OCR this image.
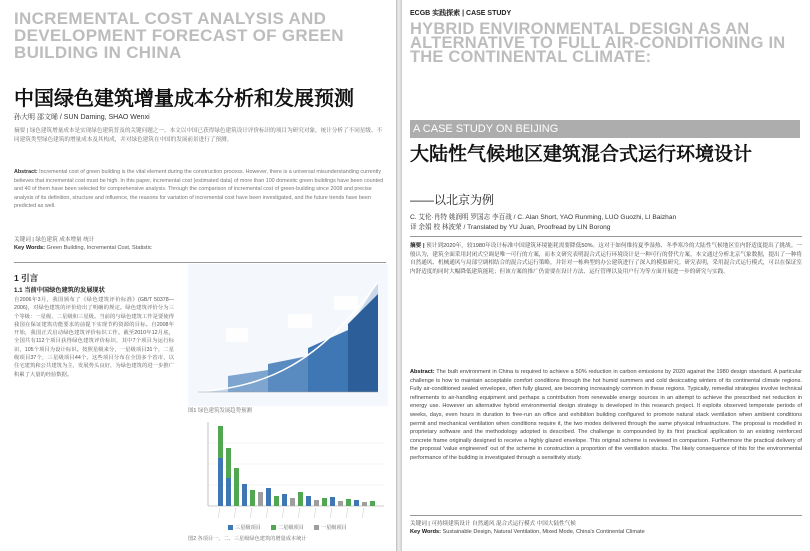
INCREMENTAL COST ANALYSIS AND DEVELOPMENT FORECAST OF GREEN BUILDING IN CHINA
中国绿色建筑增量成本分析和发展预测
孙大明 邵文晞 / SUN Daming, SHAO Wenxi
摘要 | 绿色建筑增量成本是实现绿色建筑普及的关键问题之一。本文以中国已获得绿色建筑设计评价标识的项目为研究对象，统计分析了不同星级、不同建筑类型绿色建筑的增量成本及其构成，并对绿色建筑在中国的发展前景进行了预测。
Abstract: Incremental cost of green building is the vital element during the construction process. However, there is a universal misunderstanding currently believes that incremental cost must be high. In this paper, incremental cost (estimated data) of more than 100 domestic green buildings have been counted and 40 of them have been selected for comprehensive analysis. Through the comparison of incremental cost of green-building since 2008 and precise analysis of its definition, structure and influence, the reasons for variation of incremental cost have been investigated, and the future trends have been predicted as well.
关键词 | 绿色建筑 成本增量 统计
Key Words: Green Building, Incremental Cost, Statistic
1 引言
1.1 当前中国绿色建筑的发展现状
自2006年3月，我国颁布了《绿色建筑评价标准》(GB/T 50378—2006)，对绿色建筑的评价给出了明确的规定。绿色建筑评价分为三个等级：一星级、二星级和三星级。当前的与绿色建筑工作是要使得我国在保证建筑功能要求的前提下实现节约资源的目标。自2008年开始，我国正式启动绿色建筑评价标识工作。截至2010年12月底，全国共有112个项目获得绿色建筑评价标识，其中7个项目为运行标识，105个项目为设计标识。按照星级来分，一星级项目31个，二星级项目37个，三星级项目44个。这些项目分布在全国多个省市，以住宅建筑和公共建筑为主，发展势头良好，为绿色建筑的进一步推广积累了大量的经验数据。
图1 绿色建筑发展趋势预测
三星级项目	二星级项目	一星级项目
图2 各项目一、二、三星级绿色建筑的增量成本统计
ECGB 实践探索 | CASE STUDY
HYBRID ENVIRONMENTAL DESIGN AS AN ALTERNATIVE TO FULL AIR-CONDITIONING IN THE CONTINENTAL CLIMATE:
A CASE STUDY ON BEIJING
大陆性气候地区建筑混合式运行环境设计
——以北京为例
C. 艾伦·肖特 姚润明 罗国志 李百战 / C. Alan Short, YAO Runming, LUO Guozhi, LI Baizhan
译 余娟 校 林波荣 / Translated by YU Juan, Proofread by LIN Borong
摘要 | 预计到2020年，较1980年设计标准中国建筑环境能耗需要降低50%。这对于如何维持夏季湿热、冬季寒冷的大陆性气候地区室内舒适度提出了挑战。一般认为，建筑全面采用封闭式空调是唯一可行的方案，而本文研究表明混合式运行环境设计是一种可行的替代方案。本文通过分析北京气象数据，提出了一种将自然通风、机械通风与局部空调相结合的混合式运行策略，并针对一栋典型的办公建筑进行了深入的模拟研究。研究表明，采用混合式运行模式，可以在保证室内舒适度的同时大幅降低建筑能耗；但该方案的推广仍需要在设计方法、运行管理以及用户行为等方面开展进一步的研究与实践。
Abstract: The built environment in China is required to achieve a 50% reduction in carbon emissions by 2020 against the 1980 design standard. A particular challenge is how to maintain acceptable comfort conditions through the hot humid summers and cold desiccating winters of its continental climate regions. Fully air-conditioned sealed envelopes, often fully glazed, are becoming increasingly common in these regions. Typically, remedial strategies involve technical refinements to air-handling equipment and perhaps a contribution from renewable energy sources in an attempt to achieve the prescribed net reduction in energy use. However an alternative hybrid environmental design strategy is developed in this research project. It exploits observed temperate periods of weeks, days, even hours in duration to free-run an office and exhibition building configured to promote natural stack ventilation when ambient conditions permit and mechanical ventilation when conditions require it, the two modes delivered through the same physical infrastructure. The proposal is modelled in proprietary software and the methodology adopted is described. The challenge is compounded by its first practical application to an existing reinforced concrete frame originally designed to receive a highly glazed envelope. This original scheme is reviewed in comparison. Furthermore the practical delivery of the proposal 'value engineered' out of the scheme in construction a proportion of the ventilation stacks. The likely consequence of this for the environmental performance of the building is investigated through a sensitivity study.
关键词 | 可持续建筑设计 自然通风 混合式运行模式 中国大陆性气候
Key Words: Sustainable Design, Natural Ventilation, Mixed Mode, China's Continental Climate
